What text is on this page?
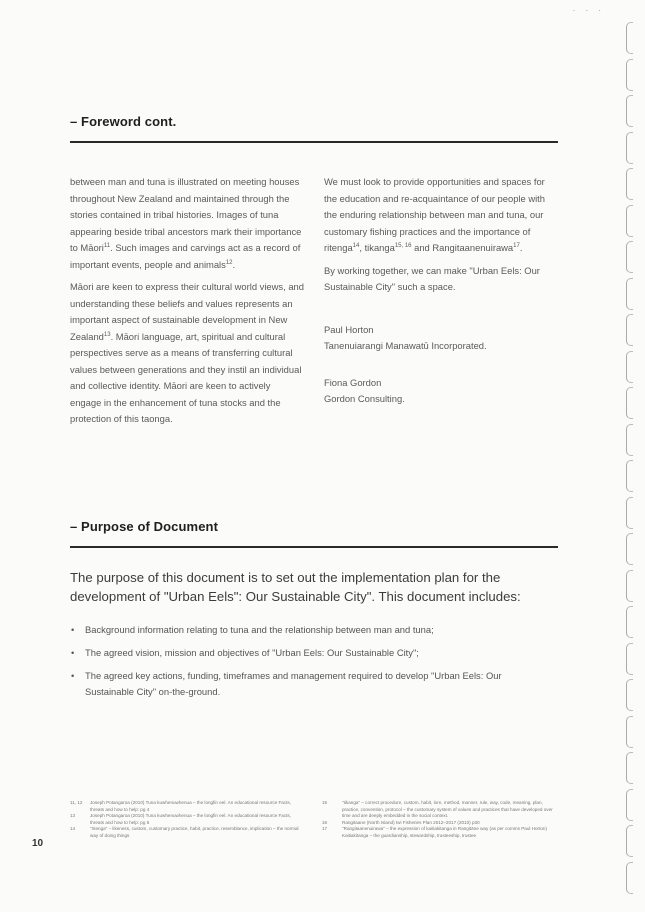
· · ·
– Foreword cont.

between man and tuna is illustrated on meeting houses throughout New Zealand and maintained through the stories contained in tribal histories. Images of tuna appearing beside tribal ancestors mark their importance to Māori$^{11}$. Such images and carvings act as a record of important events, people and animals$^{12}$.

Māori are keen to express their cultural world views, and understanding these beliefs and values represents an important aspect of sustainable development in New Zealand$^{13}$. Māori language, art, spiritual and cultural perspectives serve as a means of transferring cultural values between generations and they instil an individual and collective identity. Māori are keen to actively engage in the enhancement of tuna stocks and the protection of this taonga.

We must look to provide opportunities and spaces for the education and re-acquaintance of our people with the enduring relationship between man and tuna, our customary fishing practices and the importance of ritenga$^{14}$, tikanga$^{15, 16}$ and Rangitaanenuirawa$^{17}$.

By working together, we can make "Urban Eels: Our Sustainable City" such a space.

Paul Horton
Tanenuiarangi Manawatū Incorporated.
Fiona Gordon
Gordon Consulting.
– Purpose of Document
The purpose of this document is to set out the implementation plan for the development of "Urban Eels": Our Sustainable City". This document includes:
• Background information relating to tuna and the relationship between man and tuna;
• The agreed vision, mission and objectives of "Urban Eels: Our Sustainable City";
• The agreed key actions, funding, timeframes and management required to develop "Urban Eels: Our Sustainable City" on-the-ground.
11, 12	Joseph Potangaroa (2010) Tuna kuwhenuwhenua – the longfin eel. An educational resource Facts, threats and how to help: pg 4
13	Joseph Potangaroa (2010) Tuna kuwhenuwhenua – the longfin eel. An educational resource Facts, threats and how to help: pg 5
14	"ritenga" – likeness, custom, customary practice, habit, practice, resemblance, implication – the normal way of doing things
15	"tikanga" – correct procedure, custom, habit, lore, method, manner, rule, way, code, meaning, plan, practice, convention, protocol – the customary system of values and practices that have developed over time and are deeply embedded in the social context.
16	Rangitaane (North Island) Iwi Fisheries Plan 2012–2017 (2010) p30
17	"Rangitaanenuirawa" – the expression of kaitiakitanga in Rangitāne way (as per comms Paul Horton) Kaitiakitanga – the guardianship, stewardship, trusteeship, trustee
10
